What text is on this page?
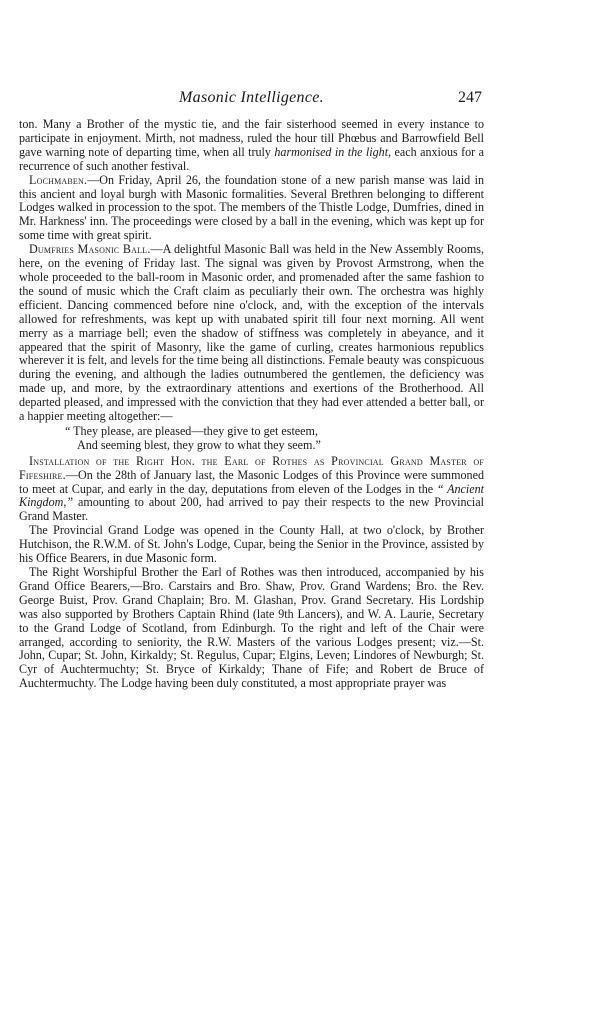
Masonic Intelligence.	247

ton. Many a Brother of the mystic tie, and the fair sisterhood seemed in every instance to participate in enjoyment. Mirth, not madness, ruled the hour till Phœbus and Barrowfield Bell gave warning note of departing time, when all truly harmonised in the light, each anxious for a recurrence of such another festival.

Lochmaben.—On Friday, April 26, the foundation stone of a new parish manse was laid in this ancient and loyal burgh with Masonic formalities. Several Brethren belonging to different Lodges walked in procession to the spot. The members of the Thistle Lodge, Dumfries, dined in Mr. Harkness' inn. The proceedings were closed by a ball in the evening, which was kept up for some time with great spirit.

Dumfries Masonic Ball.—A delightful Masonic Ball was held in the New Assembly Rooms, here, on the evening of Friday last. The signal was given by Provost Armstrong, when the whole proceeded to the ball-room in Masonic order, and promenaded after the same fashion to the sound of music which the Craft claim as peculiarly their own. The orchestra was highly efficient. Dancing commenced before nine o'clock, and, with the exception of the intervals allowed for refreshments, was kept up with unabated spirit till four next morning. All went merry as a marriage bell; even the shadow of stiffness was completely in abeyance, and it appeared that the spirit of Masonry, like the game of curling, creates harmonious republics wherever it is felt, and levels for the time being all distinctions. Female beauty was conspicuous during the evening, and although the ladies outnumbered the gentlemen, the deficiency was made up, and more, by the extraordinary attentions and exertions of the Brotherhood. All departed pleased, and impressed with the conviction that they had ever attended a better ball, or a happier meeting altogether:—

“ They please, are pleased—they give to get esteem,
And seeming blest, they grow to what they seem.”

Installation of the Right Hon. the Earl of Rothes as Provincial Grand Master of Fifeshire.—On the 28th of January last, the Masonic Lodges of this Province were summoned to meet at Cupar, and early in the day, deputations from eleven of the Lodges in the “ Ancient Kingdom,” amounting to about 200, had arrived to pay their respects to the new Provincial Grand Master.

The Provincial Grand Lodge was opened in the County Hall, at two o'clock, by Brother Hutchison, the R.W.M. of St. John's Lodge, Cupar, being the Senior in the Province, assisted by his Office Bearers, in due Masonic form.

The Right Worshipful Brother the Earl of Rothes was then introduced, accompanied by his Grand Office Bearers,—Bro. Carstairs and Bro. Shaw, Prov. Grand Wardens; Bro. the Rev. George Buist, Prov. Grand Chaplain; Bro. M. Glashan, Prov. Grand Secretary. His Lordship was also supported by Brothers Captain Rhind (late 9th Lancers), and W. A. Laurie, Secretary to the Grand Lodge of Scotland, from Edinburgh. To the right and left of the Chair were arranged, according to seniority, the R.W. Masters of the various Lodges present; viz.—St. John, Cupar; St. John, Kirkaldy; St. Regulus, Cupar; Elgins, Leven; Lindores of Newburgh; St. Cyr of Auchtermuchty; St. Bryce of Kirkaldy; Thane of Fife; and Robert de Bruce of Auchtermuchty. The Lodge having been duly constituted, a most appropriate prayer was
